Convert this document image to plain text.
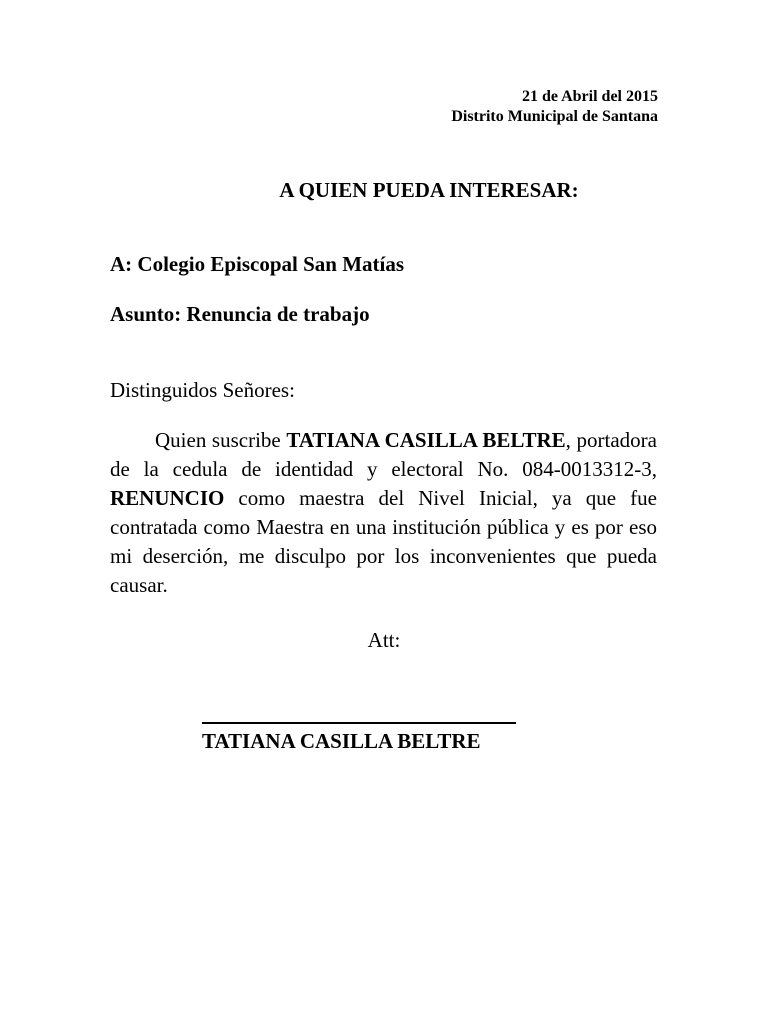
21 de Abril del 2015
Distrito Municipal de Santana
A QUIEN PUEDA INTERESAR:
A: Colegio Episcopal San Matías
Asunto: Renuncia de trabajo
Distinguidos Señores:
Quien suscribe TATIANA CASILLA BELTRE, portadora de la cedula de identidad y electoral No. 084-0013312-3, RENUNCIO como maestra del Nivel Inicial, ya que fue contratada como Maestra en una institución pública y es por eso mi deserción, me disculpo por los inconvenientes que pueda causar.
Att:
TATIANA CASILLA BELTRE
